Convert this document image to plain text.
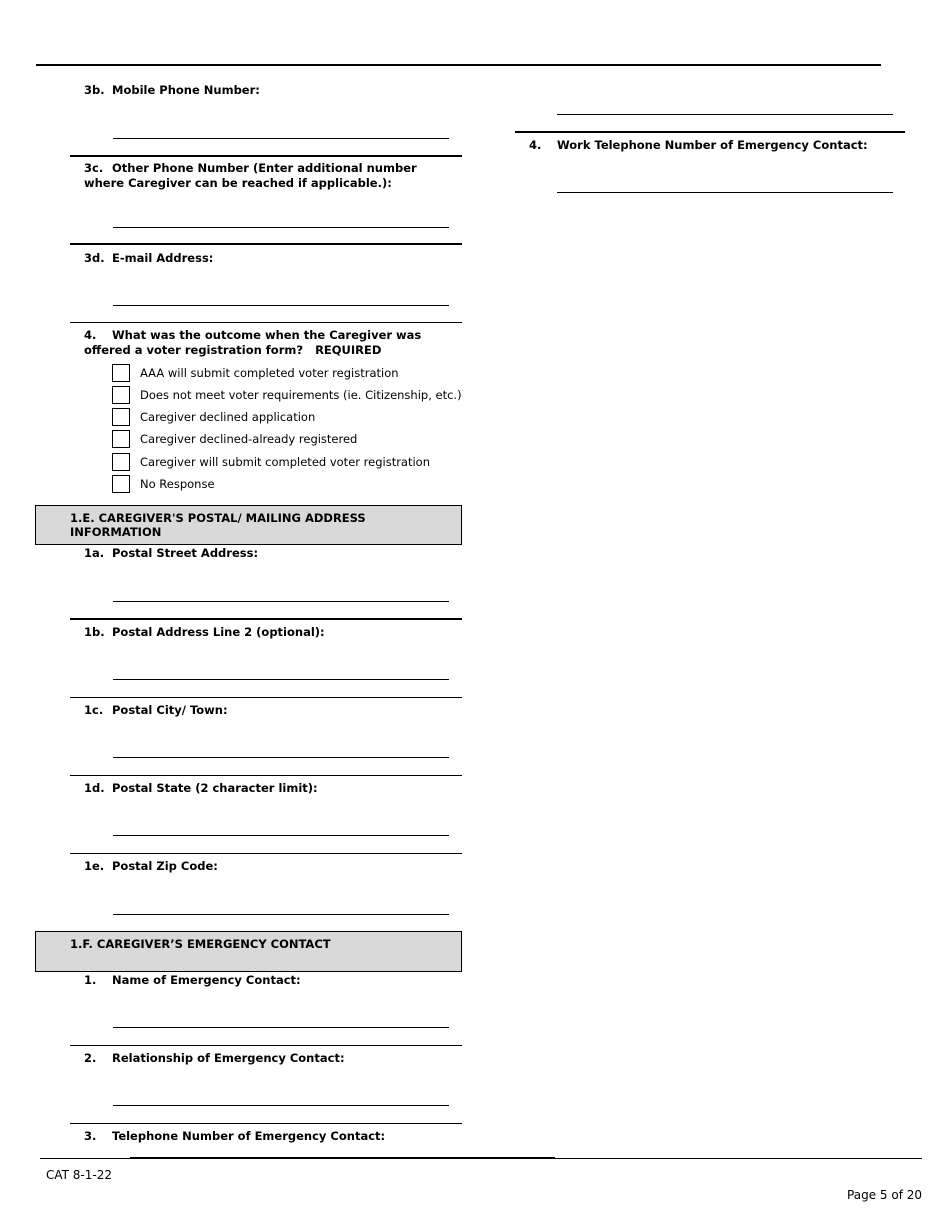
3b. Mobile Phone Number:
3c. Other Phone Number (Enter additional number where Caregiver can be reached if applicable.):
3d. E-mail Address:
4. What was the outcome when the Caregiver was offered a voter registration form? REQUIRED
AAA will submit completed voter registration
Does not meet voter requirements (ie. Citizenship, etc.)
Caregiver declined application
Caregiver declined-already registered
Caregiver will submit completed voter registration
No Response
1.E. CAREGIVER'S POSTAL/ MAILING ADDRESS INFORMATION
1a. Postal Street Address:
1b. Postal Address Line 2 (optional):
1c. Postal City/ Town:
1d. Postal State (2 character limit):
1e. Postal Zip Code:
1.F. CAREGIVER’S EMERGENCY CONTACT
1. Name of Emergency Contact:
2. Relationship of Emergency Contact:
3. Telephone Number of Emergency Contact:
4. Work Telephone Number of Emergency Contact:
CAT 8-1-22
Page 5 of 20
